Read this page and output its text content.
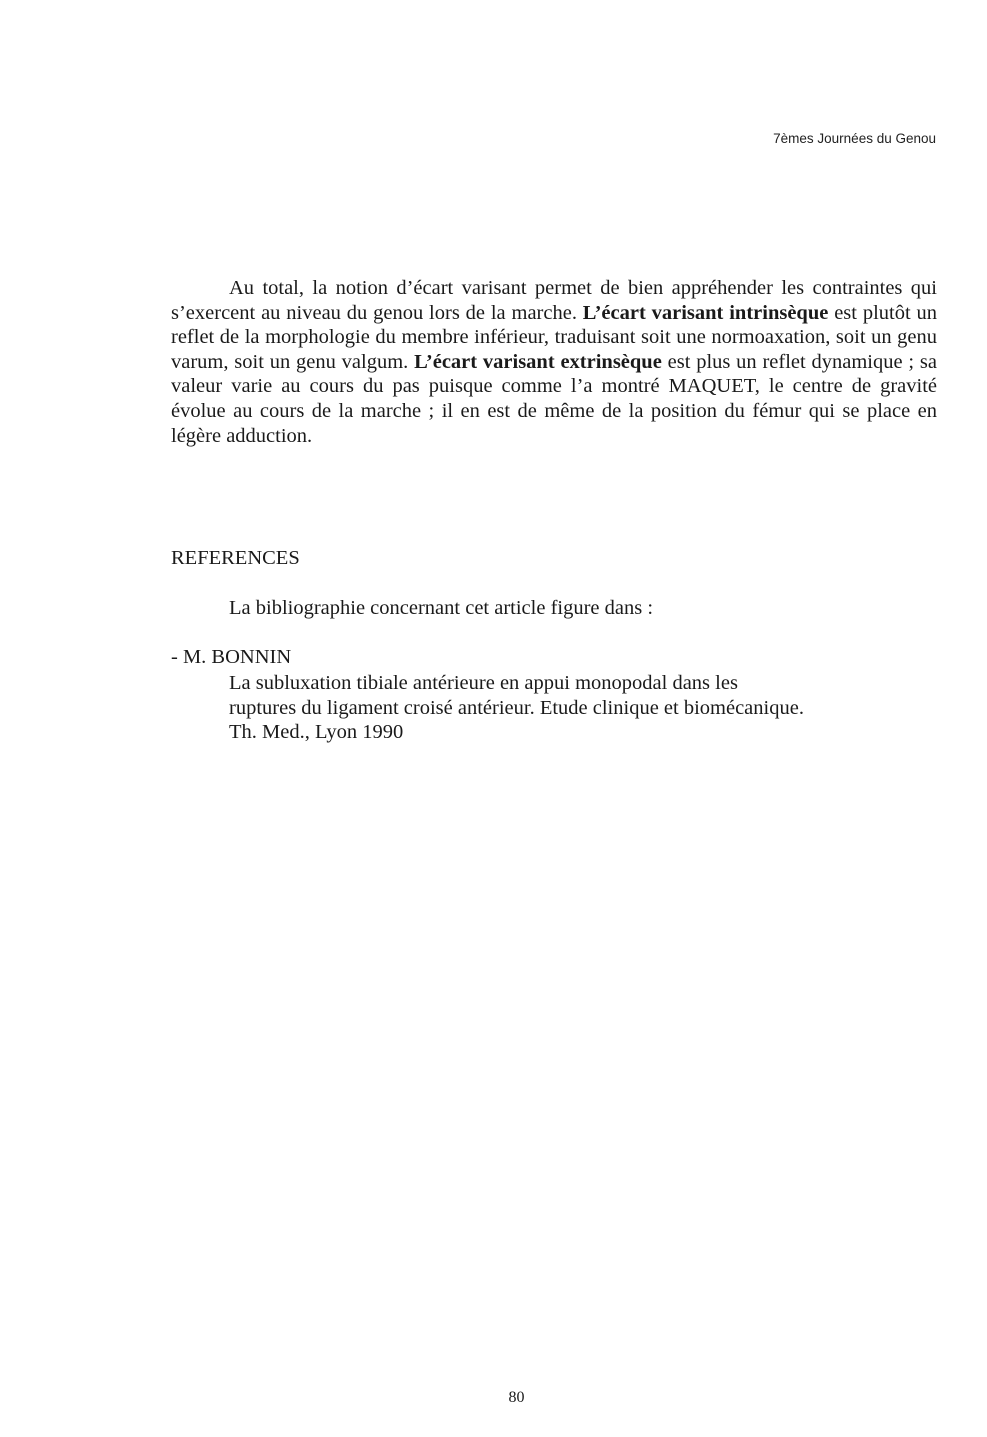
7èmes Journées du Genou

Au total, la notion d’écart varisant permet de bien appréhender les contraintes qui s’exercent au niveau du genou lors de la marche. L’écart varisant intrinsèque est plutôt un reflet de la morphologie du membre inférieur, traduisant soit une normoaxation, soit un genu varum, soit un genu valgum. L’écart varisant extrinsèque est plus un reflet dynamique ; sa valeur varie au cours du pas puisque comme l’a montré MAQUET, le centre de gravité évolue au cours de la marche ; il en est de même de la position du fémur qui se place en légère adduction.

REFERENCES

La bibliographie concernant cet article figure dans :

- M. BONNIN

La subluxation tibiale antérieure en appui monopodal dans les
ruptures du ligament croisé antérieur. Etude clinique et biomécanique.
Th. Med., Lyon 1990

80
